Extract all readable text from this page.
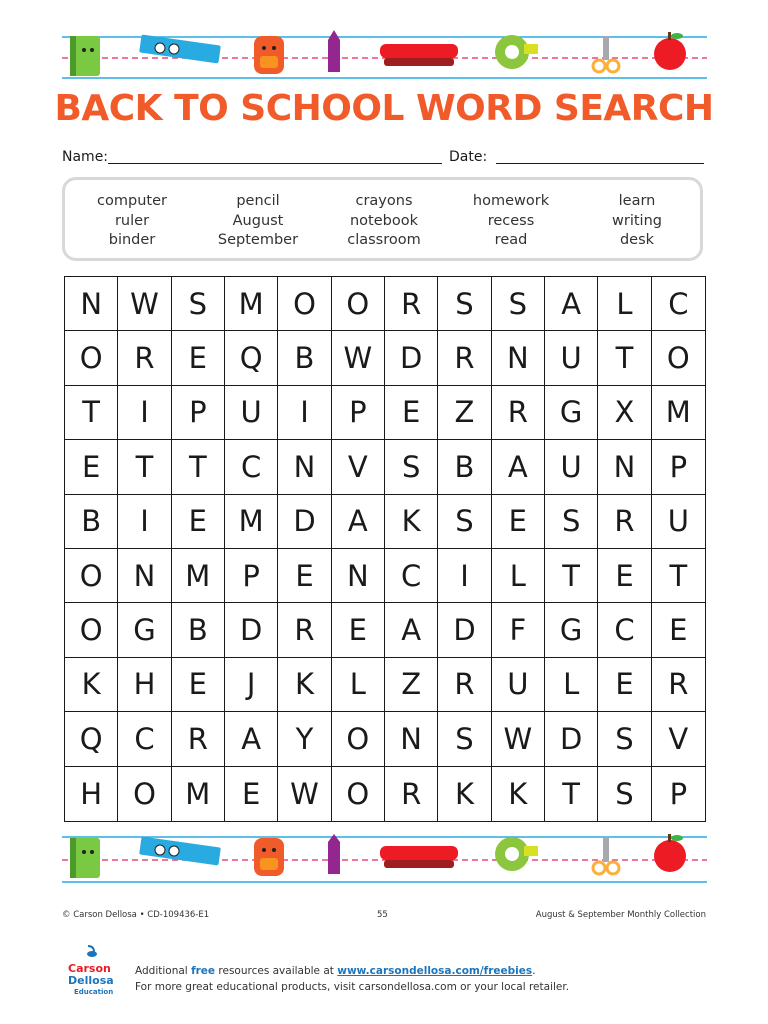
BACK TO SCHOOL WORD SEARCH
Name:	Date:
computer
ruler
binder
pencil
August
September
crayons
notebook
classroom
homework
recess
read
learn
writing
desk
N W	S	M	O	O	R	S	S	A	L	C
O	R	E	Q	B	W D	R	N	U	T	O
T	I	P	U	I	P	E	Z	R	G	X	M
E	T	T	C	N	V	S	B	A	U	N	P
B	I	E	M	D	A	K	S	E	S	R	U
O	N	M	P	E	N	C	I	L	T	E	T
O	G	B	D	R	E	A	D	F	G	C	E
K	H	E	J	K	L	Z	R	U	L	E	R
Q	C	R	A	Y	O	N	S	W D	S	V
H	O	M	E	W O	R	K	K	T	S	P
© Carson Dellosa • CD-109436-E1	55	August & September Monthly Collection
Carson
Dellosa
Education
Additional free resources available at www.carsondellosa.com/freebies.
For more great educational products, visit carsondellosa.com or your local retailer.
